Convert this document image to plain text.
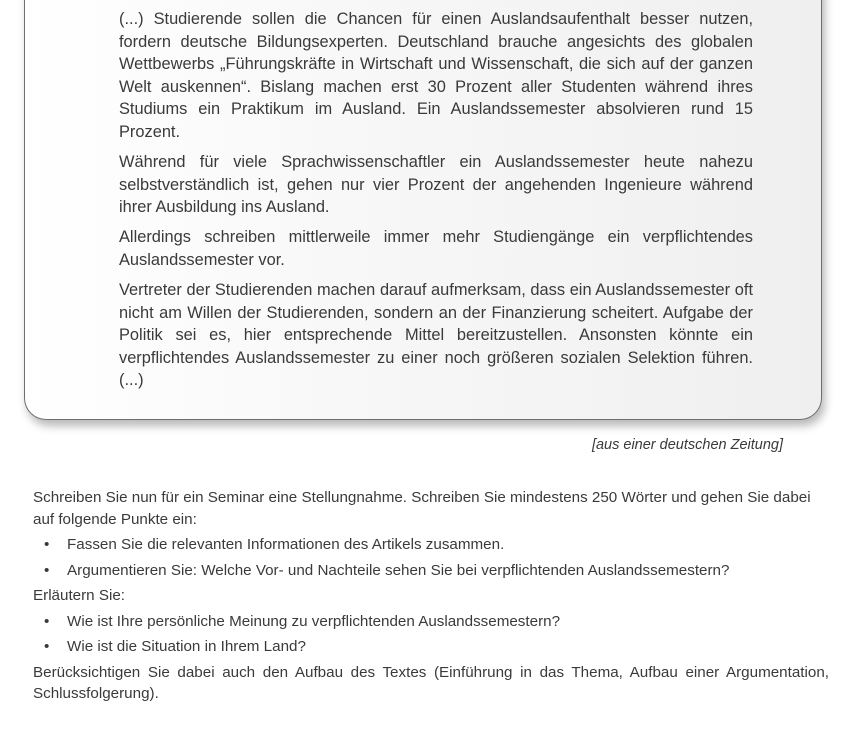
(...) Studierende sollen die Chancen für einen Auslandsaufenthalt besser nutzen, fordern deutsche Bildungsexperten. Deutschland brauche angesichts des globalen Wettbewerbs „Führungskräfte in Wirtschaft und Wissenschaft, die sich auf der ganzen Welt auskennen“. Bislang machen erst 30 Prozent aller Studenten während ihres Studiums ein Praktikum im Ausland. Ein Auslandssemester absolvieren rund 15 Prozent.

Während für viele Sprachwissenschaftler ein Auslandssemester heute nahezu selbstverständlich ist, gehen nur vier Prozent der angehenden Ingenieure während ihrer Ausbildung ins Ausland.

Allerdings schreiben mittlerweile immer mehr Studiengänge ein verpflichtendes Auslandssemester vor.

Vertreter der Studierenden machen darauf aufmerksam, dass ein Auslandssemester oft nicht am Willen der Studierenden, sondern an der Finanzierung scheitert. Aufgabe der Politik sei es, hier entsprechende Mittel bereitzustellen. Ansonsten könnte ein verpflichtendes Auslandssemester zu einer noch größeren sozialen Selektion führen. (...)

[aus einer deutschen Zeitung]

Schreiben Sie nun für ein Seminar eine Stellungnahme. Schreiben Sie mindestens 250 Wörter und gehen Sie dabei auf folgende Punkte ein:

• Fassen Sie die relevanten Informationen des Artikels zusammen.
• Argumentieren Sie: Welche Vor- und Nachteile sehen Sie bei verpflichtenden Auslandssemestern?

Erläutern Sie:

• Wie ist Ihre persönliche Meinung zu verpflichtenden Auslandssemestern?
• Wie ist die Situation in Ihrem Land?

Berücksichtigen Sie dabei auch den Aufbau des Textes (Einführung in das Thema, Aufbau einer Argumentation, Schlussfolgerung).
